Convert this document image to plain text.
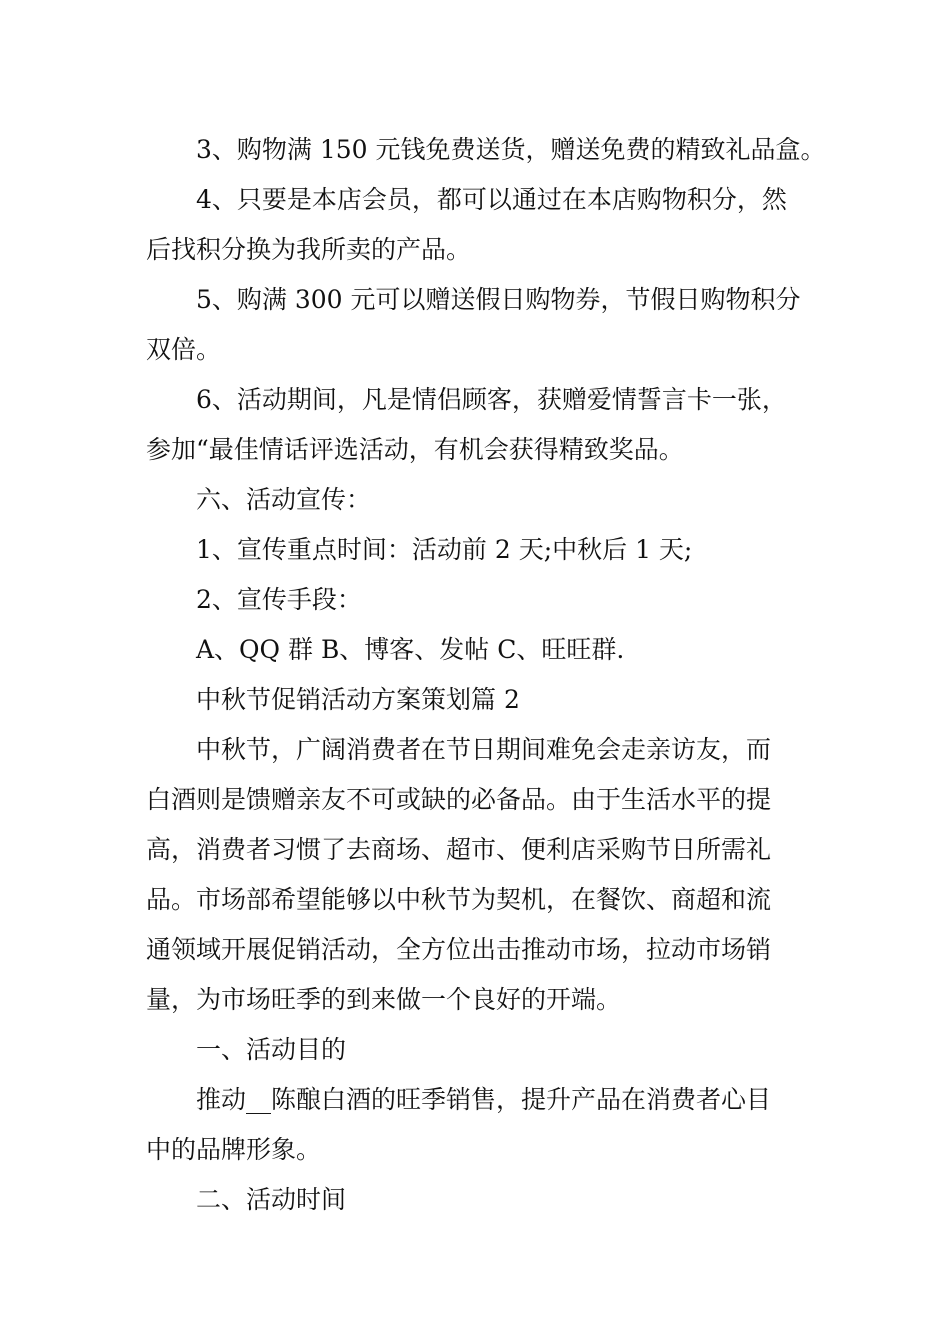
3、购物满 150 元钱免费送货，赠送免费的精致礼品盒。
4、只要是本店会员，都可以通过在本店购物积分，然
后找积分换为我所卖的产品。
5、购满 300 元可以赠送假日购物券，节假日购物积分
双倍。
6、活动期间，凡是情侣顾客，获赠爱情誓言卡一张，
参加“最佳情话评选活动，有机会获得精致奖品。
六、活动宣传：
1、宣传重点时间：活动前 2 天;中秋后 1 天;
2、宣传手段：
A、QQ 群 B、博客、发帖 C、旺旺群.
中秋节促销活动方案策划篇 2
中秋节，广阔消费者在节日期间难免会走亲访友，而
白酒则是馈赠亲友不可或缺的必备品。由于生活水平的提
高，消费者习惯了去商场、超市、便利店采购节日所需礼
品。市场部希望能够以中秋节为契机，在餐饮、商超和流
通领域开展促销活动，全方位出击推动市场，拉动市场销
量，为市场旺季的到来做一个良好的开端。
一、活动目的
推动__陈酿白酒的旺季销售，提升产品在消费者心目
中的品牌形象。
二、活动时间
